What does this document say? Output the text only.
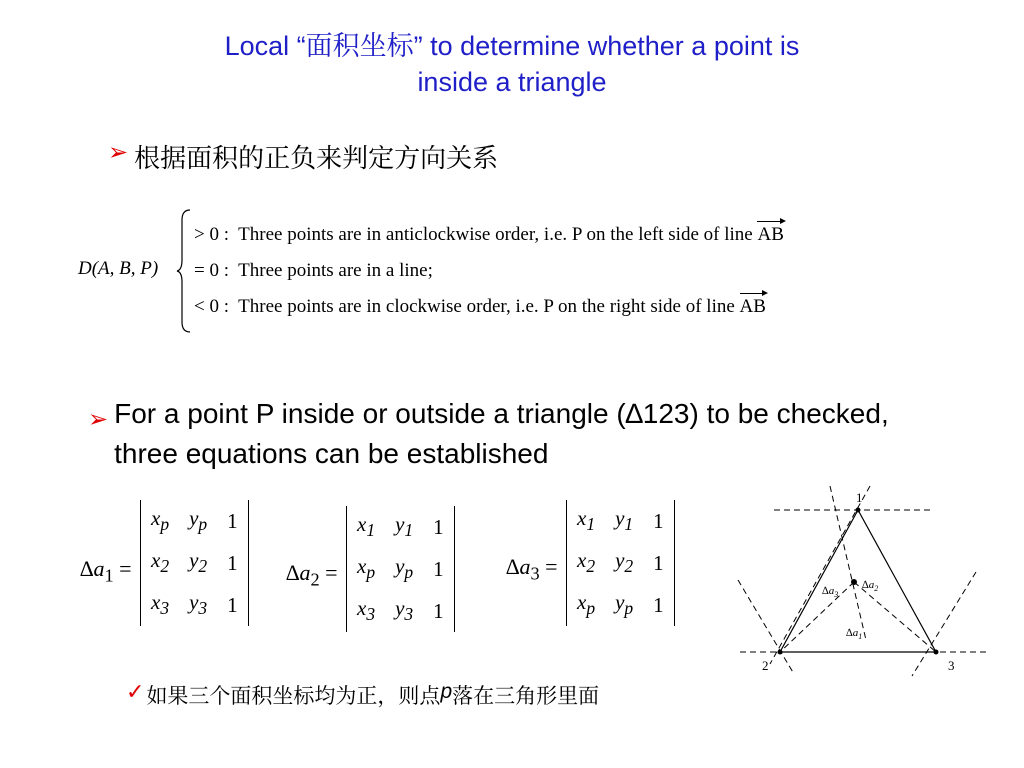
Local “面积坐标” to determine whether a point is
inside a triangle
➢ 根据面积的正负来判定方向关系
D(A, B, P)
> 0 : Three points are in anticlockwise order, i.e. P on the left side of line AB
= 0 : Three points are in a line;
< 0 : Three points are in clockwise order, i.e. P on the right side of line AB
➢ For a point P inside or outside a triangle (∆123) to be checked, three equations can be established
$\Delta a_1$ =
$x_p$	$y_p$	1
$x_2$	$y_2$	1
$x_3$	$y_3$	1
$\Delta a_2$ =
$x_1$	$y_1$	1
$x_p$	$y_p$	1
$x_3$	$y_3$	1
$\Delta a_3$ =
$x_1$	$y_1$	1
$x_2$	$y_2$	1
$x_p$	$y_p$	1
1
2	3
$\Delta a_3$
$\Delta a_2$
$\Delta a_1$
✓ 如果三个面积坐标均为正，则点 p 落在三角形里面
